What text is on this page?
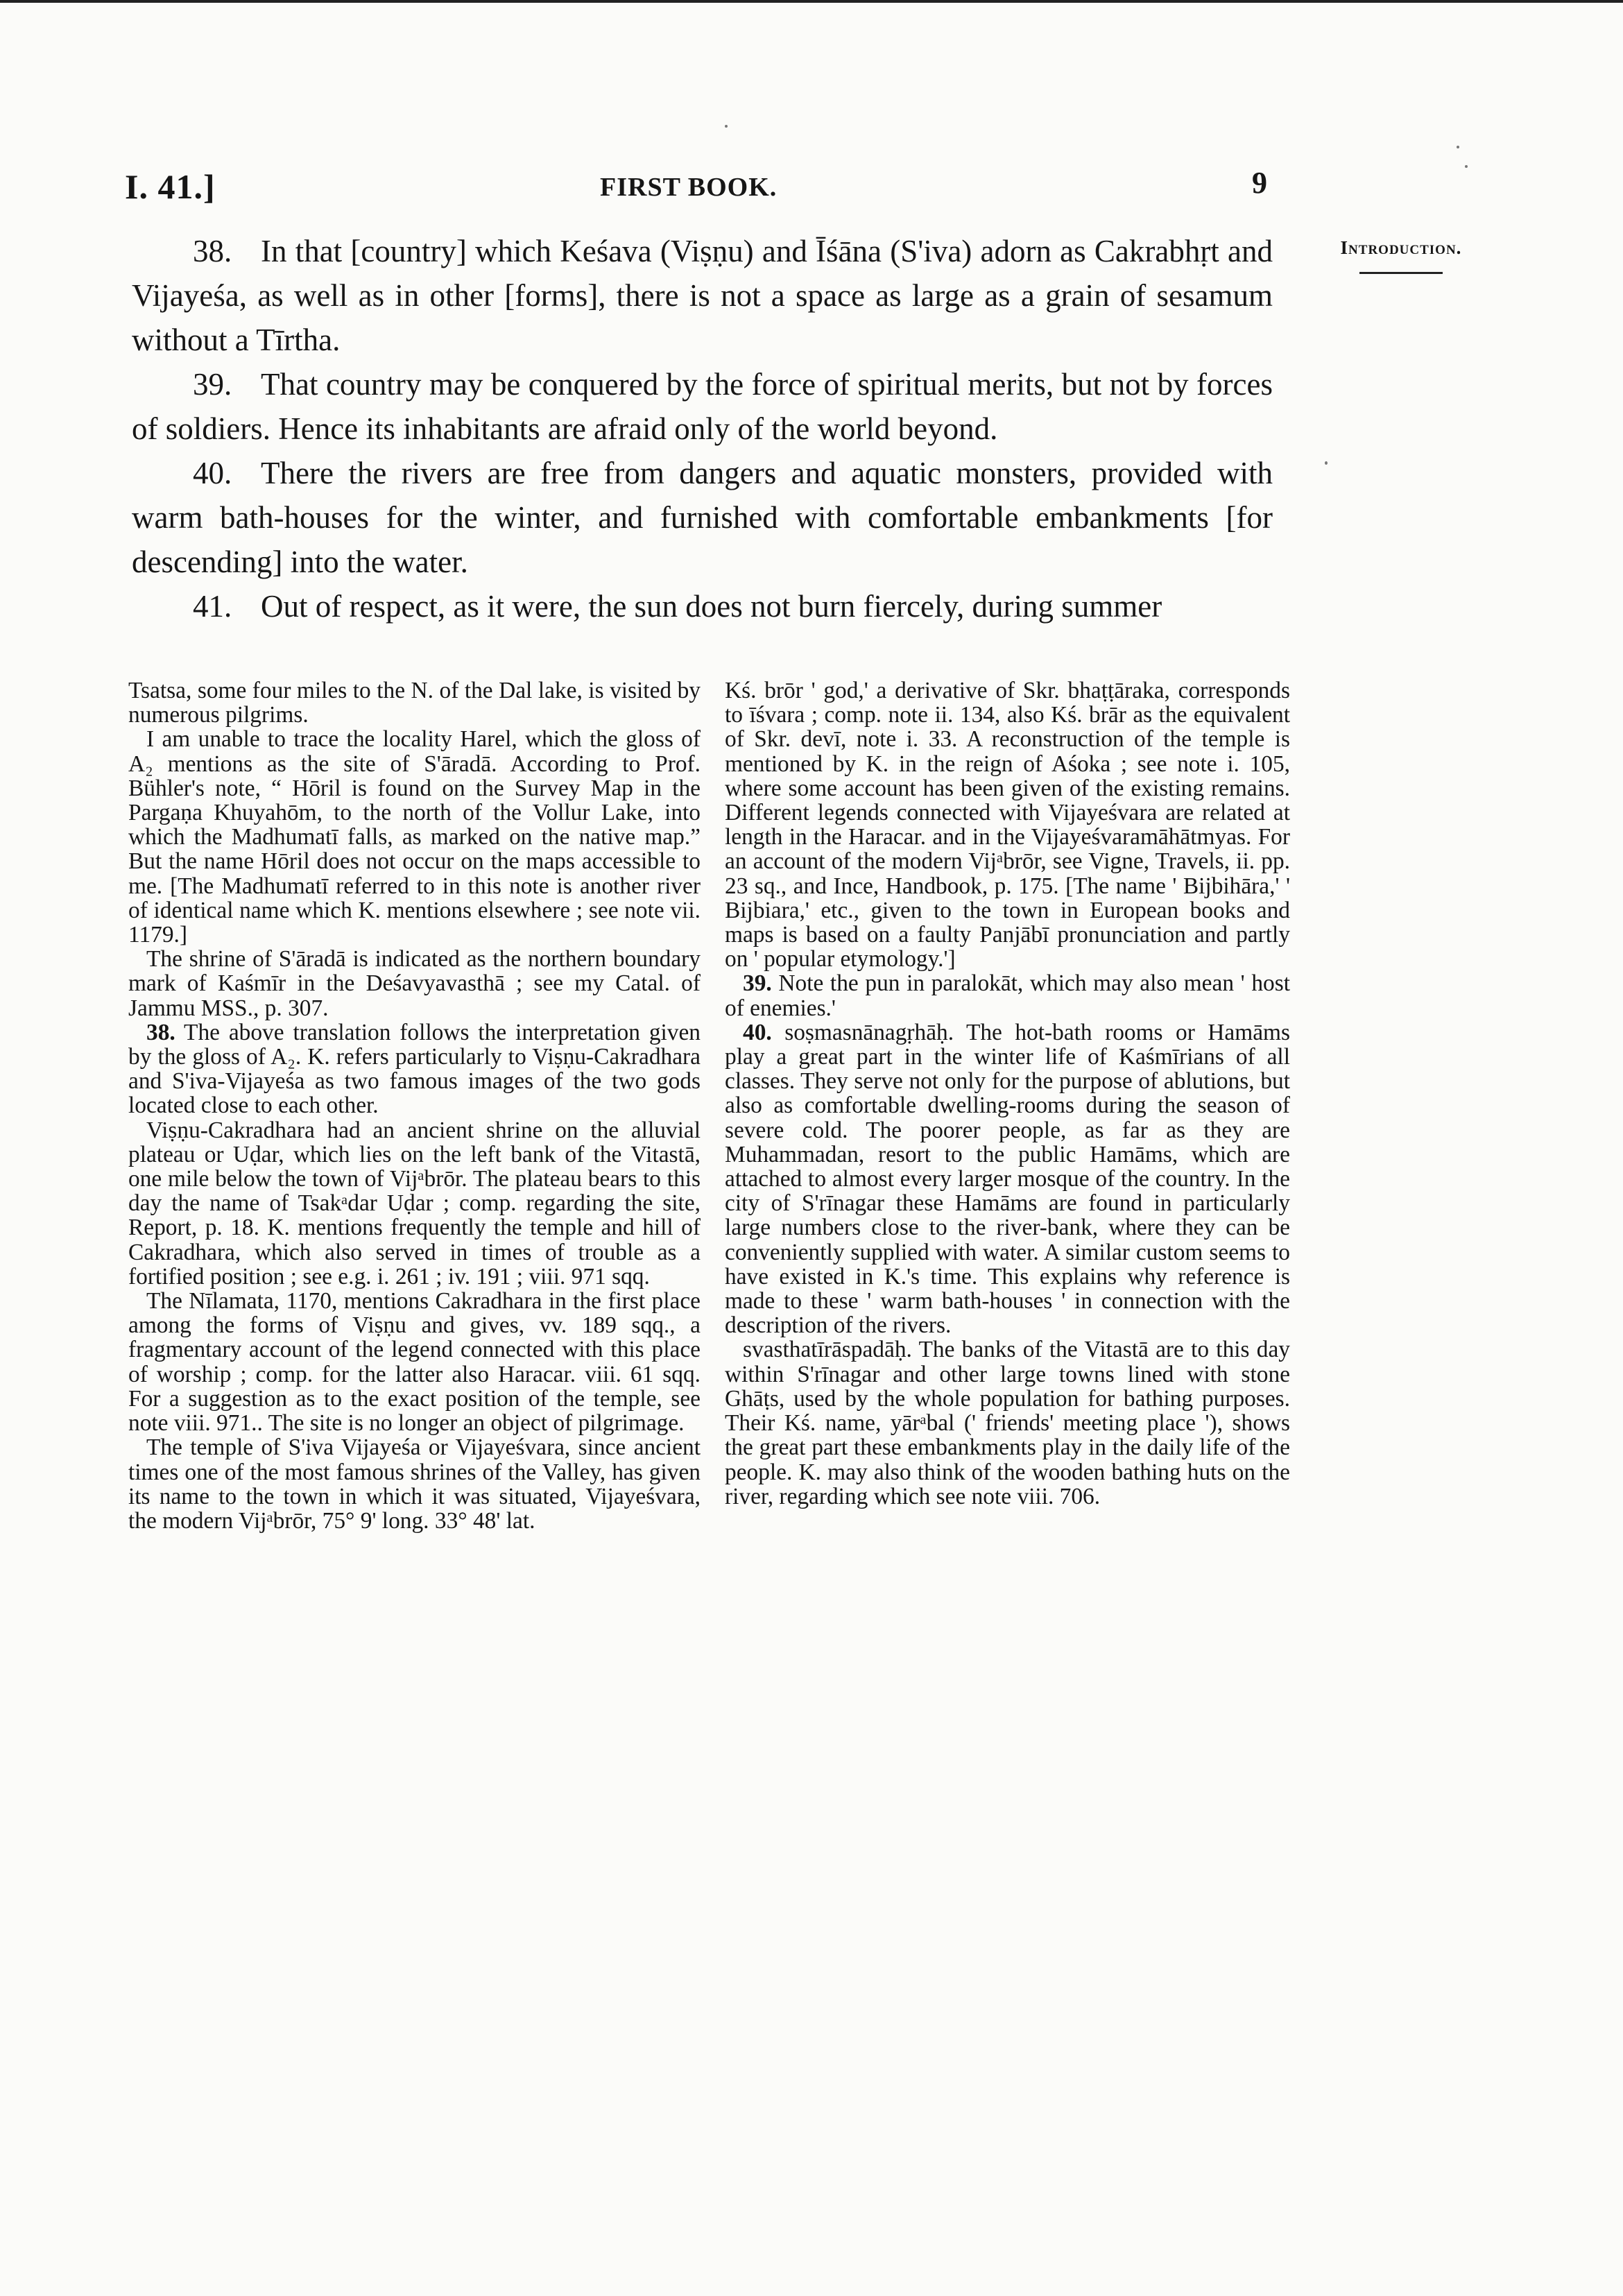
I. 41.]	FIRST BOOK.	9
Introduction.

38. In that [country] which Keśava (Viṣṇu) and Īśāna (S'iva) adorn as Cakrabhṛt and Vijayeśa, as well as in other [forms], there is not a space as large as a grain of sesamum without a Tīrtha.

39. That country may be conquered by the force of spiritual merits, but not by forces of soldiers. Hence its inhabitants are afraid only of the world beyond.

40. There the rivers are free from dangers and aquatic monsters, provided with warm bath-houses for the winter, and furnished with comfortable embankments [for descending] into the water.

41. Out of respect, as it were, the sun does not burn fiercely, during summer

Tsatsa, some four miles to the N. of the Dal lake, is visited by numerous pilgrims.

I am unable to trace the locality Harel, which the gloss of A₂ mentions as the site of S'āradā. According to Prof. Bühler's note, “ Hōril is found on the Survey Map in the Pargaṇa Khuyahōm, to the north of the Vollur Lake, into which the Madhumatī falls, as marked on the native map.” But the name Hōril does not occur on the maps accessible to me. [The Madhumatī referred to in this note is another river of identical name which K. mentions elsewhere ; see note vii. 1179.]

The shrine of S'āradā is indicated as the northern boundary mark of Kaśmīr in the Deśavyavasthā ; see my Catal. of Jammu MSS., p. 307.

38. The above translation follows the interpretation given by the gloss of A₂. K. refers particularly to Viṣṇu-Cakradhara and S'iva-Vijayeśa as two famous images of the two gods located close to each other.

Viṣṇu-Cakradhara had an ancient shrine on the alluvial plateau or Uḍar, which lies on the left bank of the Vitastā, one mile below the town of Vijᵃbrōr. The plateau bears to this day the name of Tsakᵃdar Uḍar ; comp. regarding the site, Report, p. 18. K. mentions frequently the temple and hill of Cakradhara, which also served in times of trouble as a fortified position ; see e.g. i. 261 ; iv. 191 ; viii. 971 sqq.

The Nīlamata, 1170, mentions Cakradhara in the first place among the forms of Viṣṇu and gives, vv. 189 sqq., a fragmentary account of the legend connected with this place of worship ; comp. for the latter also Haracar. viii. 61 sqq. For a suggestion as to the exact position of the temple, see note viii. 971.. The site is no longer an object of pilgrimage.

The temple of S'iva Vijayeśa or Vijayeśvara, since ancient times one of the most famous shrines of the Valley, has given its name to the town in which it was situated, Vijayeśvara, the modern Vijᵃbrōr, 75° 9' long. 33° 48' lat.

Kś. brōr ' god,' a derivative of Skr. bhaṭṭāraka, corresponds to īśvara ; comp. note ii. 134, also Kś. brār as the equivalent of Skr. devī, note i. 33. A reconstruction of the temple is mentioned by K. in the reign of Aśoka ; see note i. 105, where some account has been given of the existing remains. Different legends connected with Vijayeśvara are related at length in the Haracar. and in the Vijayeśvaramāhātmyas. For an account of the modern Vijᵃbrōr, see Vigne, Travels, ii. pp. 23 sq., and Ince, Handbook, p. 175. [The name ' Bijbihāra,' ' Bijbiara,' etc., given to the town in European books and maps is based on a faulty Panjābī pronunciation and partly on ' popular etymology.']

39. Note the pun in paralokāt, which may also mean ' host of enemies.'

40. soṣmasnānagṛhāḥ. The hot-bath rooms or Hamāms play a great part in the winter life of Kaśmīrians of all classes. They serve not only for the purpose of ablutions, but also as comfortable dwelling-rooms during the season of severe cold. The poorer people, as far as they are Muhammadan, resort to the public Hamāms, which are attached to almost every larger mosque of the country. In the city of S'rīnagar these Hamāms are found in particularly large numbers close to the river-bank, where they can be conveniently supplied with water. A similar custom seems to have existed in K.'s time. This explains why reference is made to these ' warm bath-houses ' in connection with the description of the rivers.

svasthatīrāspadāḥ. The banks of the Vitastā are to this day within S'rīnagar and other large towns lined with stone Ghāṭs, used by the whole population for bathing purposes. Their Kś. name, yārᵃbal (' friends' meeting place '), shows the great part these embankments play in the daily life of the people. K. may also think of the wooden bathing huts on the river, regarding which see note viii. 706.
